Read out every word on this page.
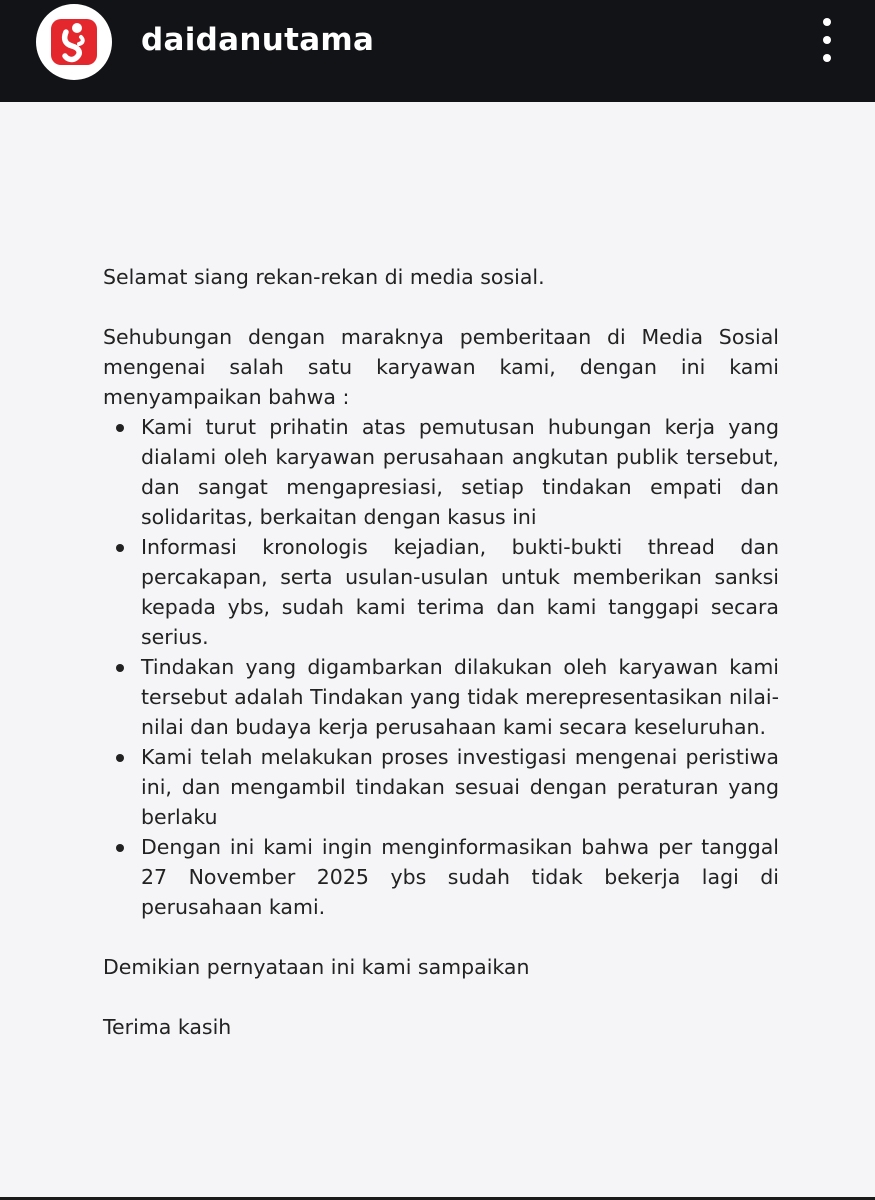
daidanutama

Selamat siang rekan-rekan di media sosial.

Sehubungan dengan maraknya pemberitaan di Media Sosial mengenai salah satu karyawan kami, dengan ini kami menyampaikan bahwa :

Kami turut prihatin atas pemutusan hubungan kerja yang dialami oleh karyawan perusahaan angkutan publik tersebut, dan sangat mengapresiasi, setiap tindakan empati dan solidaritas, berkaitan dengan kasus ini
Informasi kronologis kejadian, bukti-bukti thread dan percakapan, serta usulan-usulan untuk memberikan sanksi kepada ybs, sudah kami terima dan kami tanggapi secara serius.
Tindakan yang digambarkan dilakukan oleh karyawan kami tersebut adalah Tindakan yang tidak merepresentasikan nilai-nilai dan budaya kerja perusahaan kami secara keseluruhan.
Kami telah melakukan proses investigasi mengenai peristiwa ini, dan mengambil tindakan sesuai dengan peraturan yang berlaku
Dengan ini kami ingin menginformasikan bahwa per tanggal 27 November 2025 ybs sudah tidak bekerja lagi di perusahaan kami.

Demikian pernyataan ini kami sampaikan

Terima kasih
